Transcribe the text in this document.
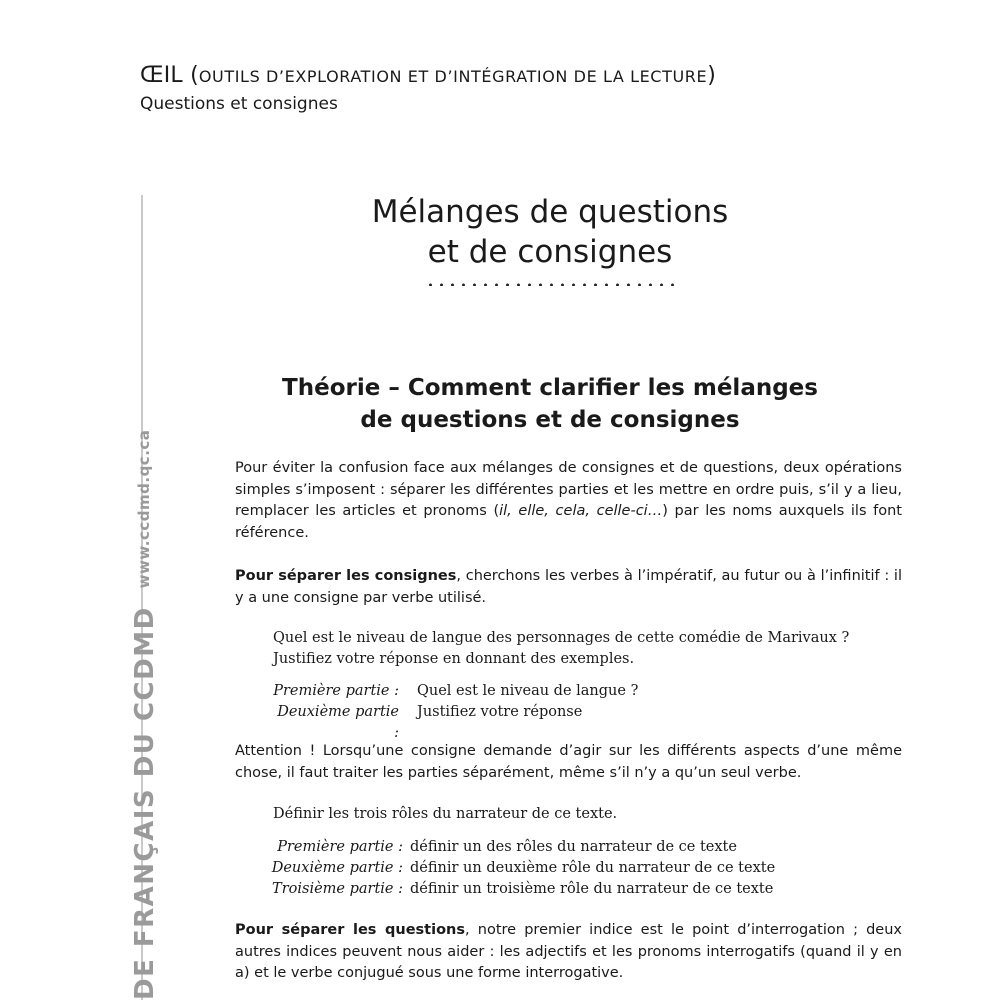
ŒIL (OUTILS D’EXPLORATION ET D’INTÉGRATION DE LA LECTURE)
Questions et consignes
DE FRANÇAIS DU CCDMDwww.ccdmd.qc.ca
Mélanges de questions
et de consignes
Théorie – Comment clarifier les mélanges
de questions et de consignes
Pour éviter la confusion face aux mélanges de consignes et de questions, deux opérations simples s’imposent : séparer les différentes parties et les mettre en ordre puis, s’il y a lieu, remplacer les articles et pronoms (il, elle, cela, celle-ci…) par les noms auxquels ils font référence.
Pour séparer les consignes, cherchons les verbes à l’impératif, au futur ou à l’infinitif : il y a une consigne par verbe utilisé.
Quel est le niveau de langue des personnages de cette comédie de Marivaux ?
Justifiez votre réponse en donnant des exemples.
Première partie : Quel est le niveau de langue ?
Deuxième partie :
Justifiez votre réponse
Attention ! Lorsqu’une consigne demande d’agir sur les différents aspects d’une même chose, il faut traiter les parties séparément, même s’il n’y a qu’un seul verbe.
Définir les trois rôles du narrateur de ce texte.
Première partie : définir un des rôles du narrateur de ce texte
Deuxième partie : définir un deuxième rôle du narrateur de ce texte
Troisième partie : définir un troisième rôle du narrateur de ce texte
Pour séparer les questions, notre premier indice est le point d’interrogation ; deux autres indices peuvent nous aider : les adjectifs et les pronoms interrogatifs (quand il y en a) et le verbe conjugué sous une forme interrogative.
